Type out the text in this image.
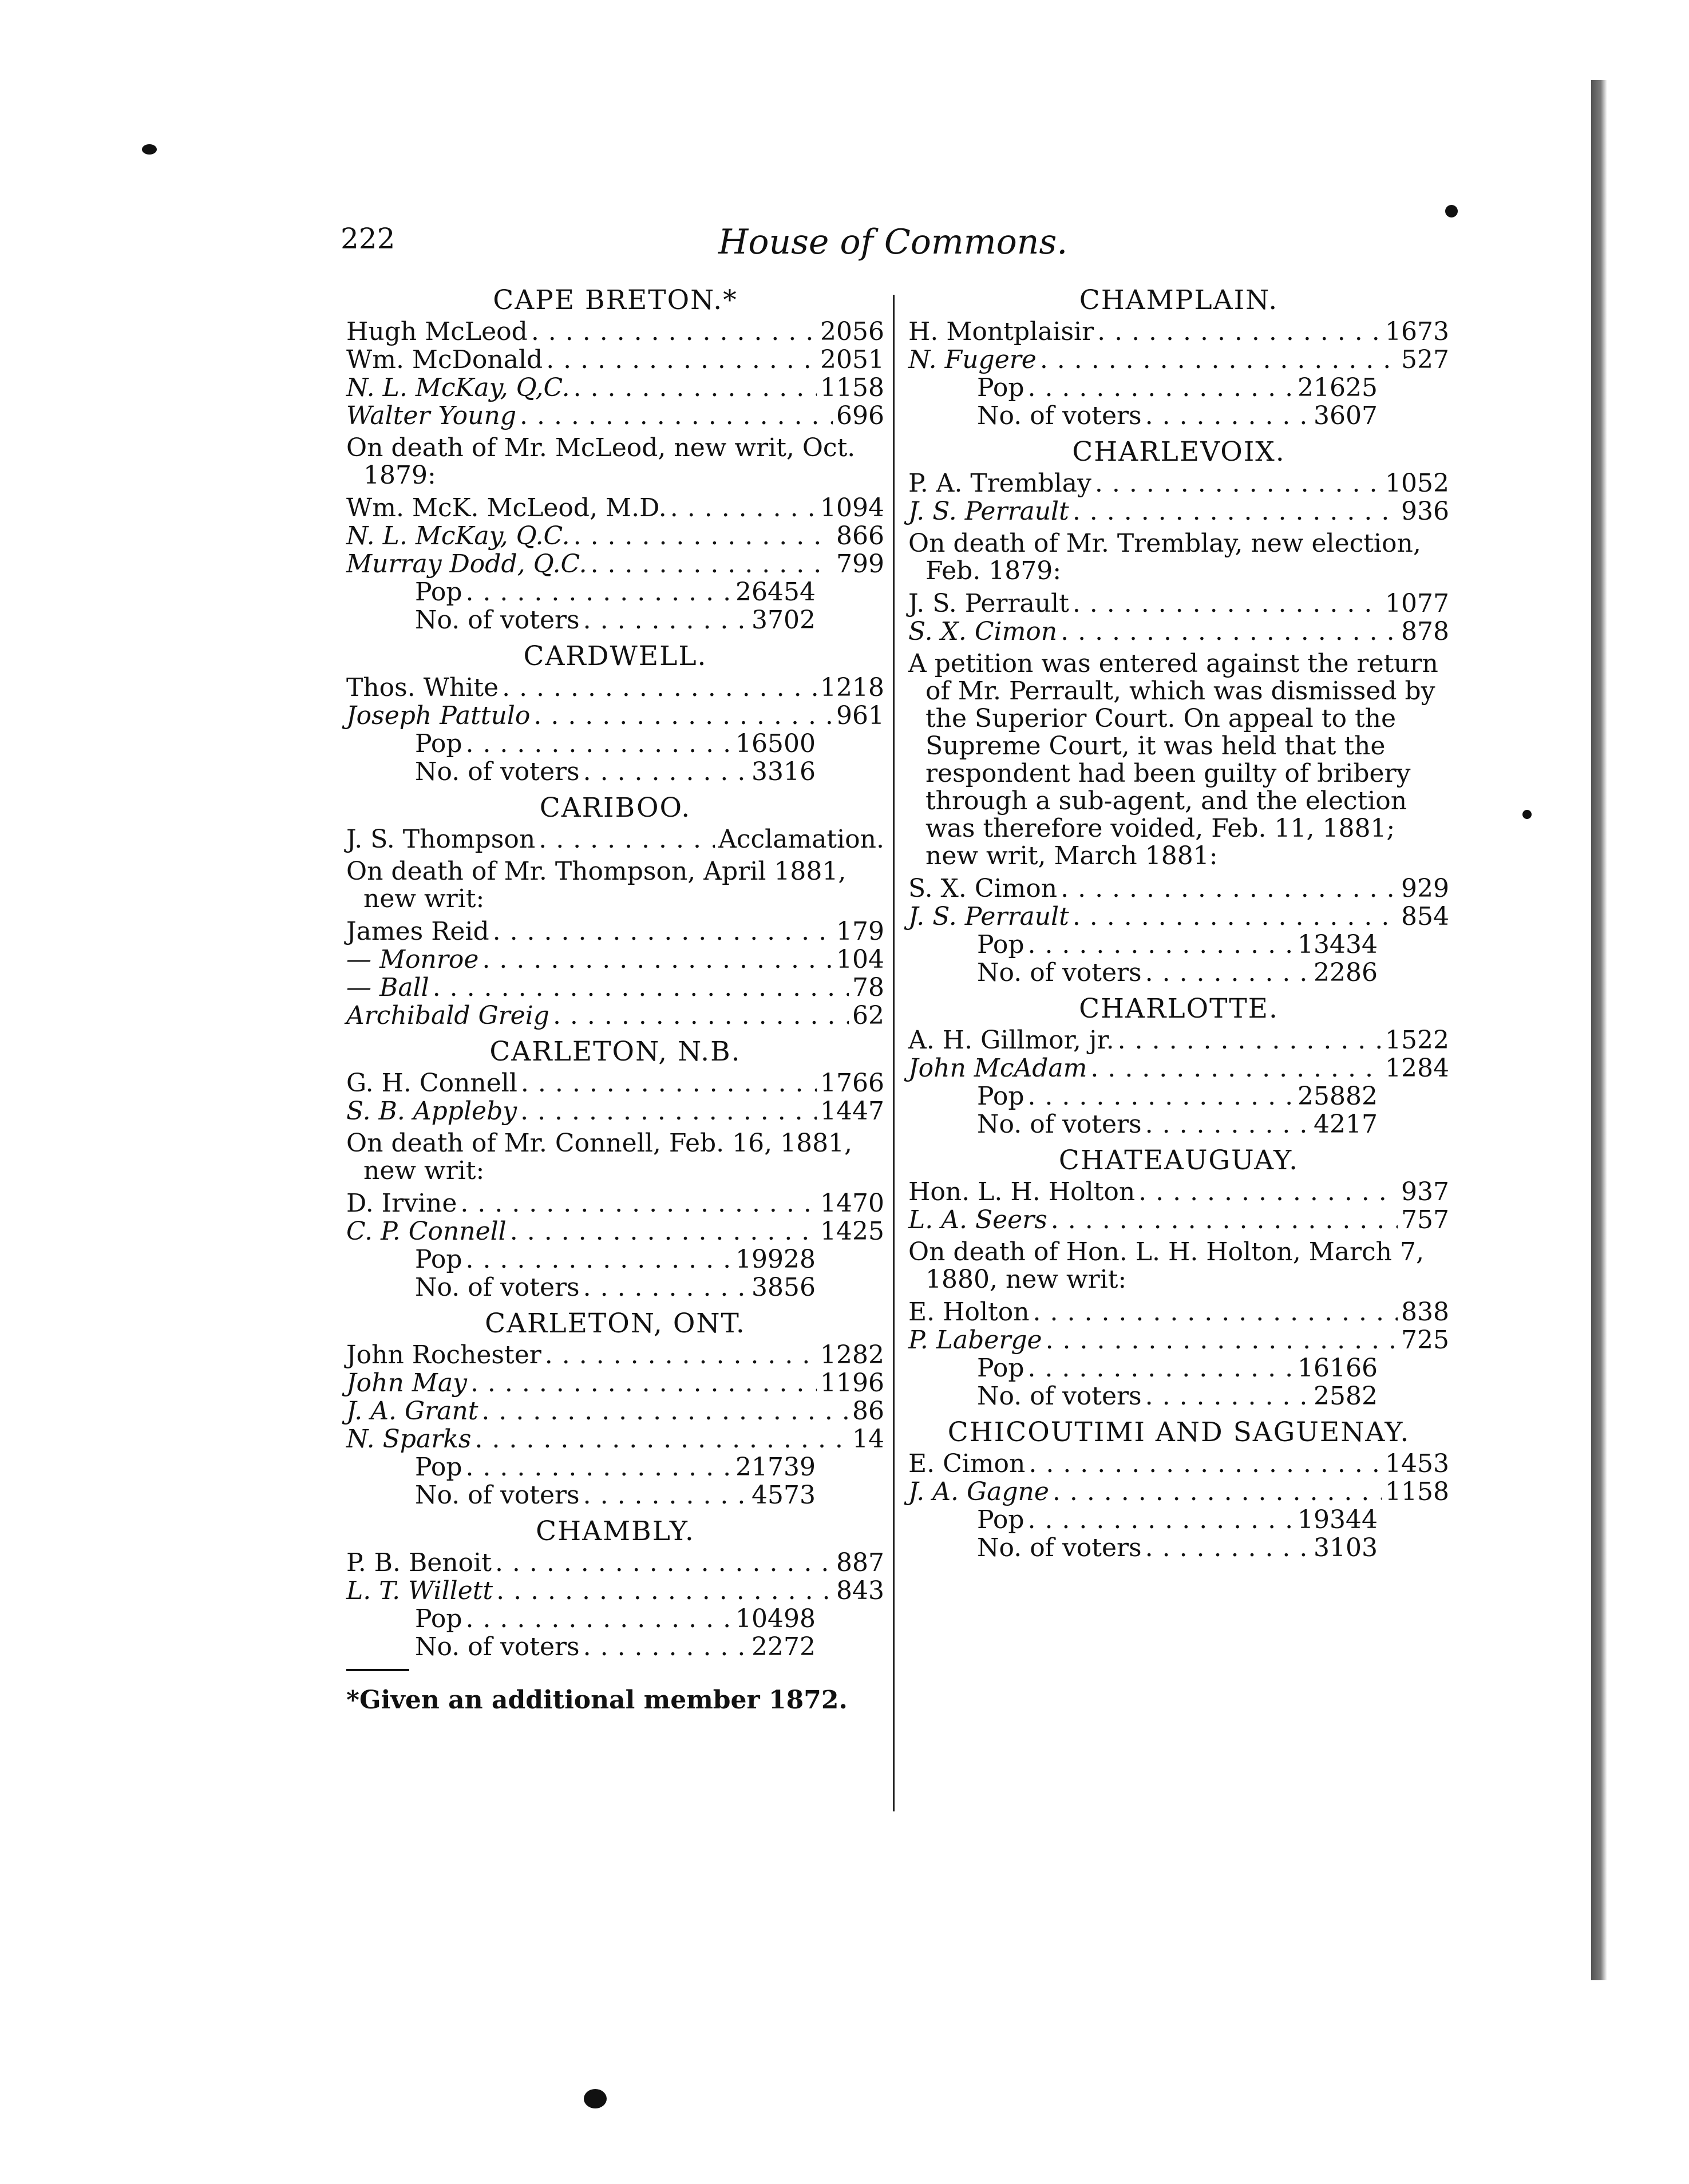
222	House of Commons.
CAPE BRETON.*
Hugh McLeod . . .	2056
Wm. McDonald . . .	2051
N. L. McKay, Q,C. . . .	1158
Walter Young . . .	696
On death of Mr. McLeod, new writ, Oct. 1879:
Wm. McK. McLeod, M.D. . . .	1094
N. L. McKay, Q.C. . . .	866
Murray Dodd, Q.C. . . .	799
Pop . . .	26454
No. of voters . . .	3702
CARDWELL.
Thos. White . . .	1218
Joseph Pattulo . . .	961
Pop . . .	16500
No. of voters . . .	3316
CARIBOO.
J. S. Thompson . . .	Acclamation.
On death of Mr. Thompson, April 1881, new writ:
James Reid . . .	179
— Monroe . . .	104
— Ball . . .	78
Archibald Greig . . .	62
CARLETON, N.B.
G. H. Connell . . .	1766
S. B. Appleby . . .	1447
On death of Mr. Connell, Feb. 16, 1881, new writ:
D. Irvine . . .	1470
C. P. Connell . . .	1425
Pop . . .	19928
No. of voters . . .	3856
CARLETON, ONT.
John Rochester . . .	1282
John May . . .	1196
J. A. Grant . . .	86
N. Sparks . . .	14
Pop . . .	21739
No. of voters . . .	4573
CHAMBLY.
P. B. Benoit . . .	887
L. T. Willett . . .	843
Pop . . .	10498
No. of voters . . .	2272
*Given an additional member 1872.
CHAMPLAIN.
H. Montplaisir . . .	1673
N. Fugere . . .	527
Pop . . .	21625
No. of voters . . .	3607
CHARLEVOIX.
P. A. Tremblay . . .	1052
J. S. Perrault . . .	936
On death of Mr. Tremblay, new election, Feb. 1879:
J. S. Perrault . . .	1077
S. X. Cimon . . .	878
A petition was entered against the return of Mr. Perrault, which was dismissed by the Superior Court. On appeal to the Supreme Court, it was held that the respondent had been guilty of bribery through a sub-agent, and the election was therefore voided, Feb. 11, 1881; new writ, March 1881:
S. X. Cimon . . .	929
J. S. Perrault . . .	854
Pop . . .	13434
No. of voters . . .	2286
CHARLOTTE.
A. H. Gillmor, jr. . . .	1522
John McAdam . . .	1284
Pop . . .	25882
No. of voters . . .	4217
CHATEAUGUAY.
Hon. L. H. Holton . . .	937
L. A. Seers . . .	757
On death of Hon. L. H. Holton, March 7, 1880, new writ:
E. Holton . . .	838
P. Laberge . . .	725
Pop . . .	16166
No. of voters . . .	2582
CHICOUTIMI AND SAGUENAY.
E. Cimon . . .	1453
J. A. Gagne . . .	1158
Pop . . .	19344
No. of voters . . .	3103
